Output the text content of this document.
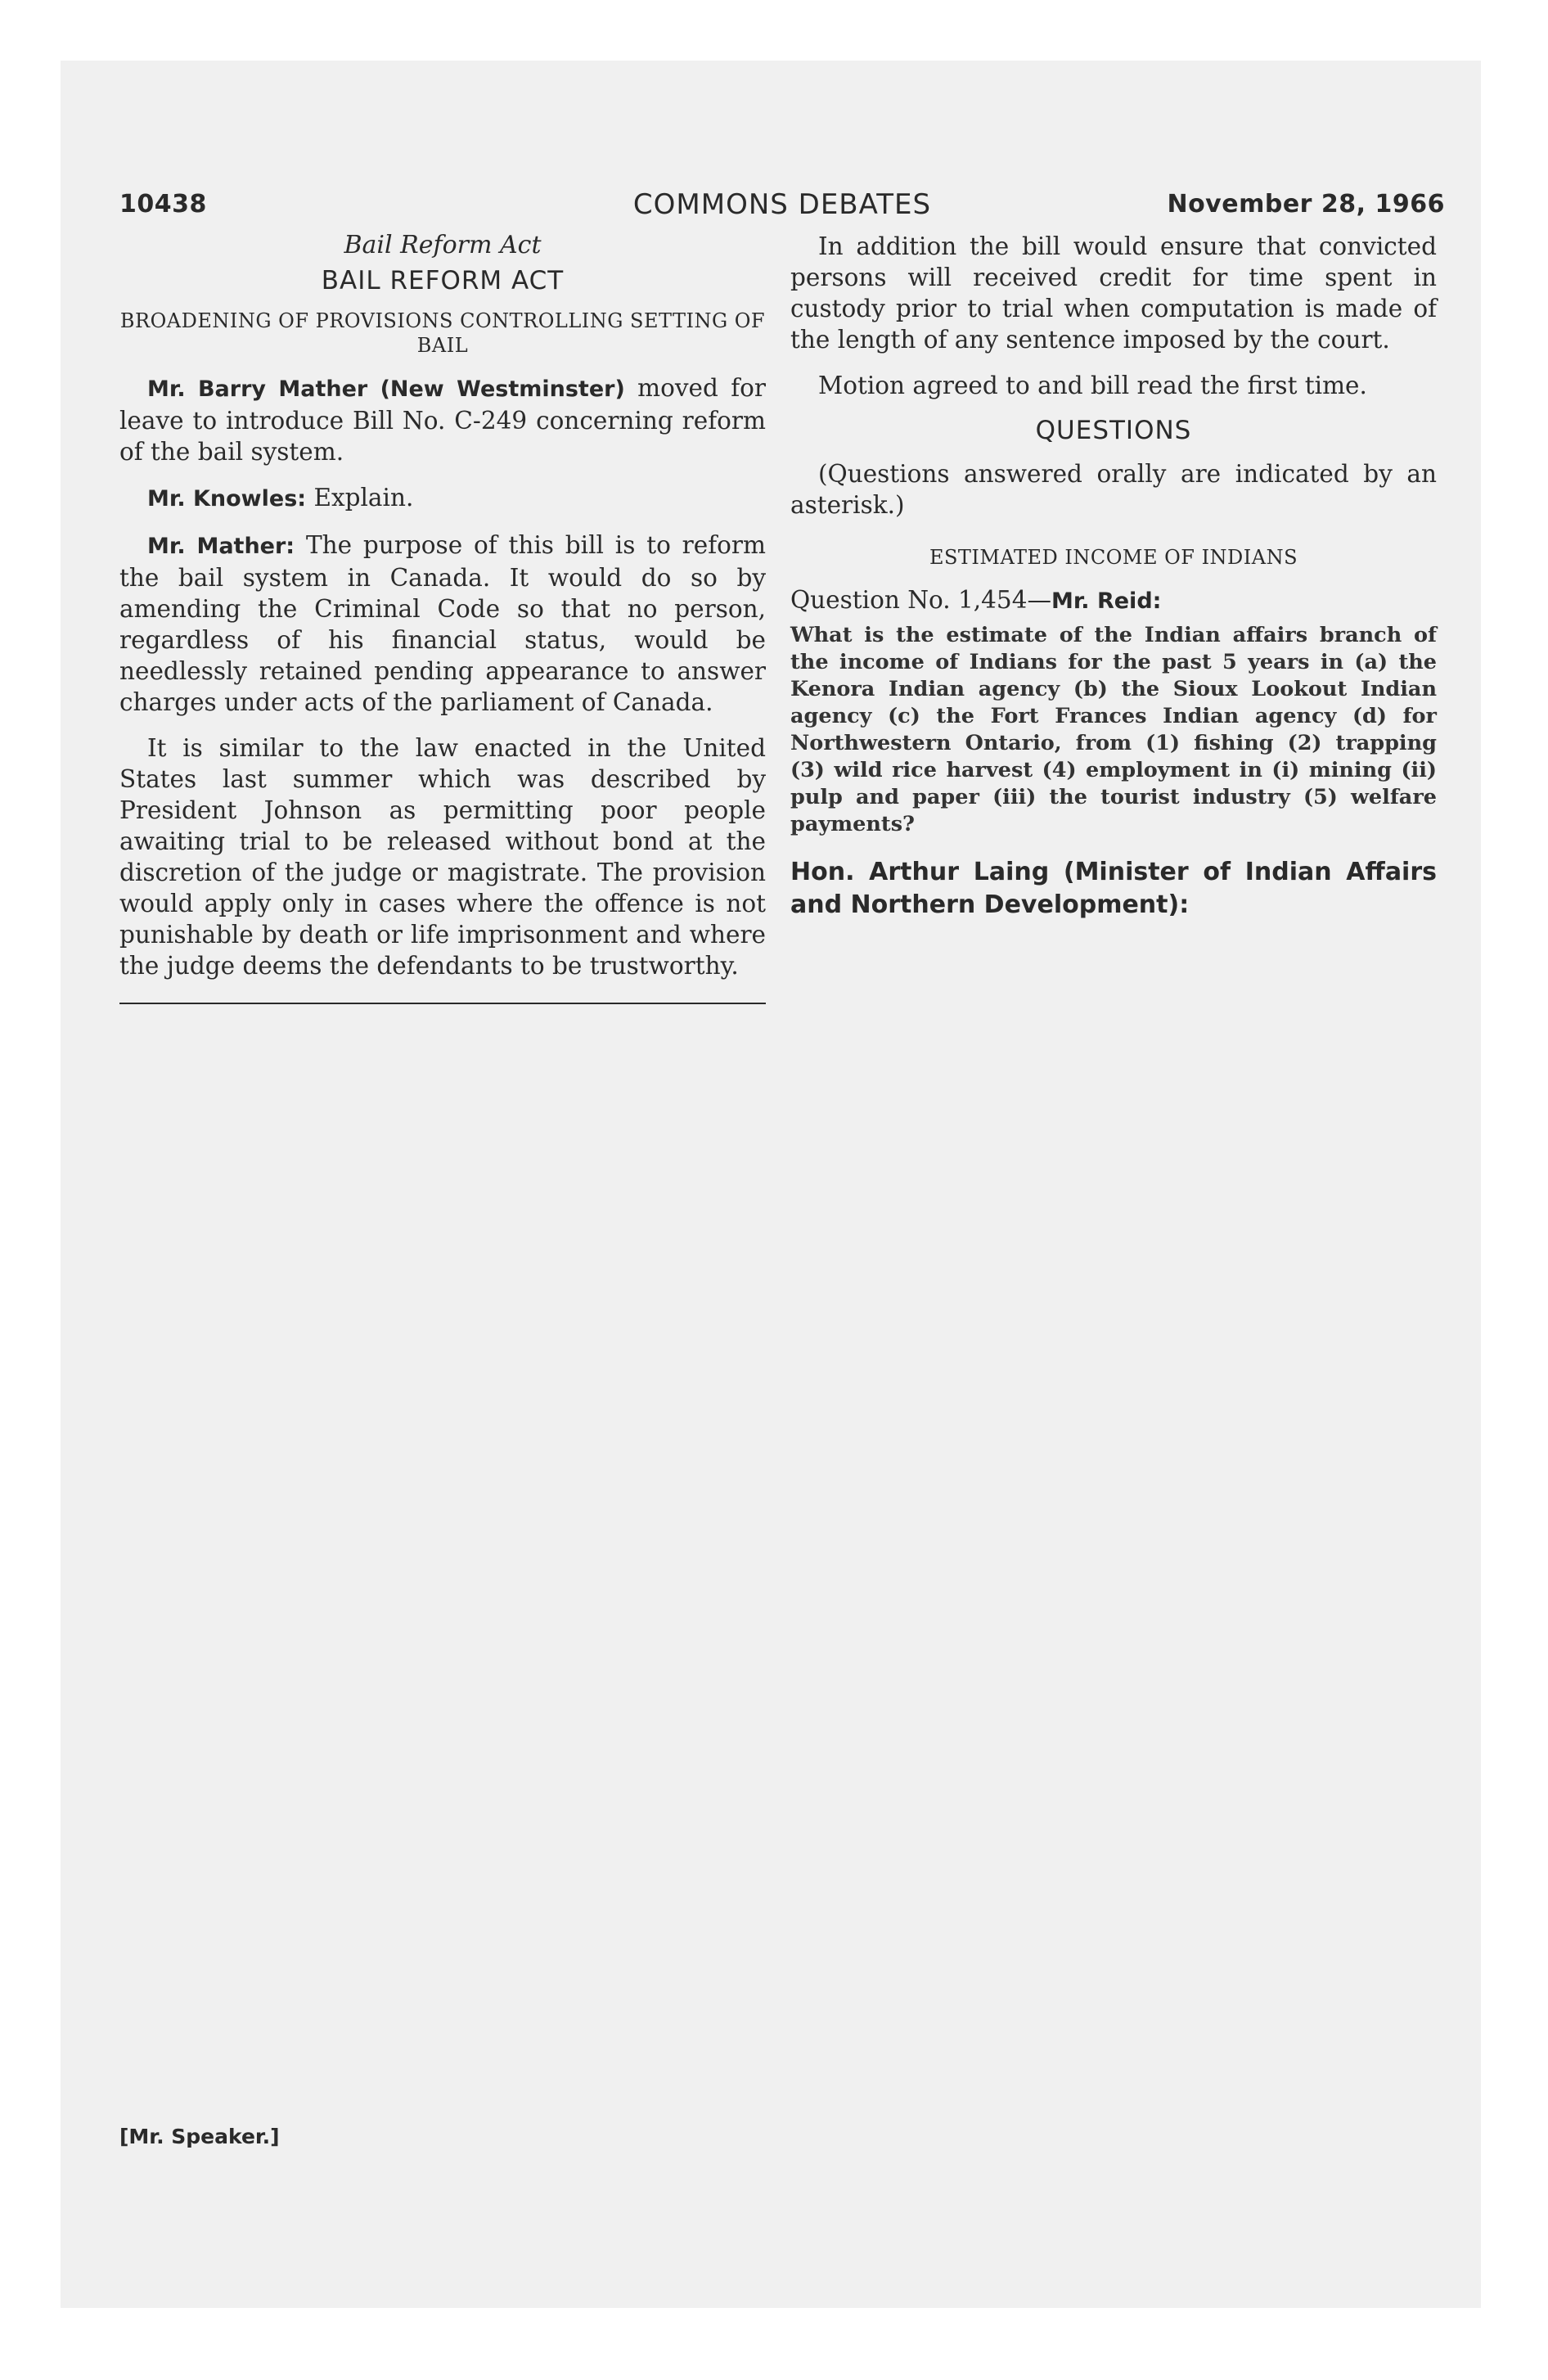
10438	COMMONS DEBATES	November 28, 1966
Bail Reform Act
BAIL REFORM ACT
BROADENING OF PROVISIONS CONTROLLING SETTING OF BAIL

Mr. Barry Mather (New Westminster) moved for leave to introduce Bill No. C-249 concerning reform of the bail system.

Mr. Knowles: Explain.

Mr. Mather: The purpose of this bill is to reform the bail system in Canada. It would do so by amending the Criminal Code so that no person, regardless of his financial status, would be needlessly retained pending appearance to answer charges under acts of the parliament of Canada.

It is similar to the law enacted in the United States last summer which was described by President Johnson as permitting poor people awaiting trial to be released without bond at the discretion of the judge or magistrate. The provision would apply only in cases where the offence is not punishable by death or life imprisonment and where the judge deems the defendants to be trustworthy.

In addition the bill would ensure that convicted persons will received credit for time spent in custody prior to trial when computation is made of the length of any sentence imposed by the court.

Motion agreed to and bill read the first time.

QUESTIONS

(Questions answered orally are indicated by an asterisk.)

ESTIMATED INCOME OF INDIANS

Question No. 1,454—Mr. Reid:

What is the estimate of the Indian affairs branch of the income of Indians for the past 5 years in (a) the Kenora Indian agency (b) the Sioux Lookout Indian agency (c) the Fort Frances Indian agency (d) for Northwestern Ontario, from (1) fishing (2) trapping (3) wild rice harvest (4) employment in (i) mining (ii) pulp and paper (iii) the tourist industry (5) welfare payments?

Hon. Arthur Laing (Minister of Indian Affairs and Northern Development):

[Mr. Speaker.]
